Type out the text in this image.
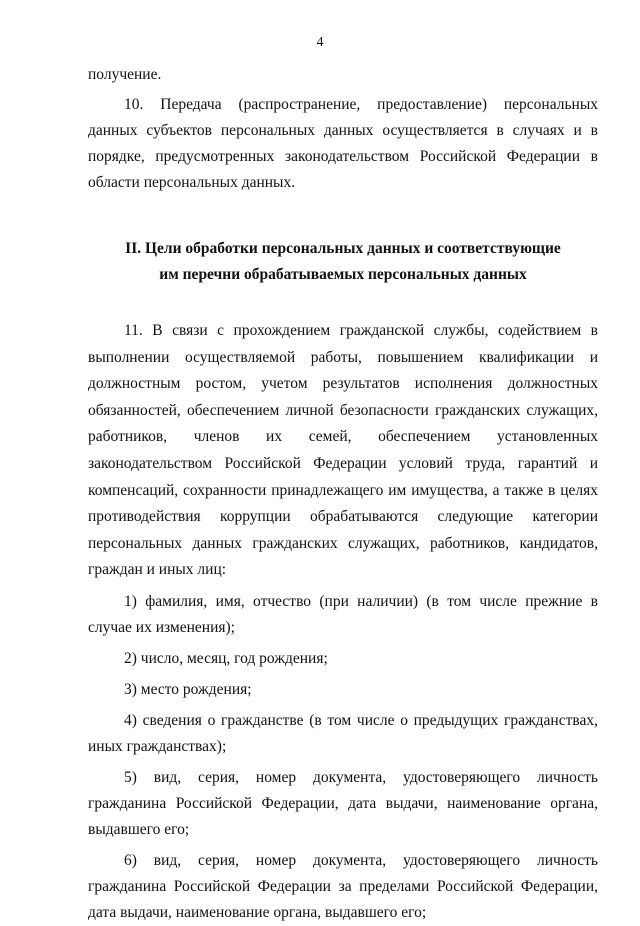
4

получение.

10. Передача (распространение, предоставление) персональных данных субъектов персональных данных осуществляется в случаях и в порядке, предусмотренных законодательством Российской Федерации в области персональных данных.

II. Цели обработки персональных данных и соответствующие
им перечни обрабатываемых персональных данных

11. В связи с прохождением гражданской службы, содействием в выполнении осуществляемой работы, повышением квалификации и должностным ростом, учетом результатов исполнения должностных обязанностей, обеспечением личной безопасности гражданских служащих, работников, членов их семей, обеспечением установленных законодательством Российской Федерации условий труда, гарантий и компенсаций, сохранности принадлежащего им имущества, а также в целях противодействия коррупции обрабатываются следующие категории персональных данных гражданских служащих, работников, кандидатов, граждан и иных лиц:

1) фамилия, имя, отчество (при наличии) (в том числе прежние в случае их изменения);

2) число, месяц, год рождения;

3) место рождения;

4) сведения о гражданстве (в том числе о предыдущих гражданствах, иных гражданствах);

5) вид, серия, номер документа, удостоверяющего личность гражданина Российской Федерации, дата выдачи, наименование органа, выдавшего его;

6) вид, серия, номер документа, удостоверяющего личность гражданина Российской Федерации за пределами Российской Федерации, дата выдачи, наименование органа, выдавшего его;
